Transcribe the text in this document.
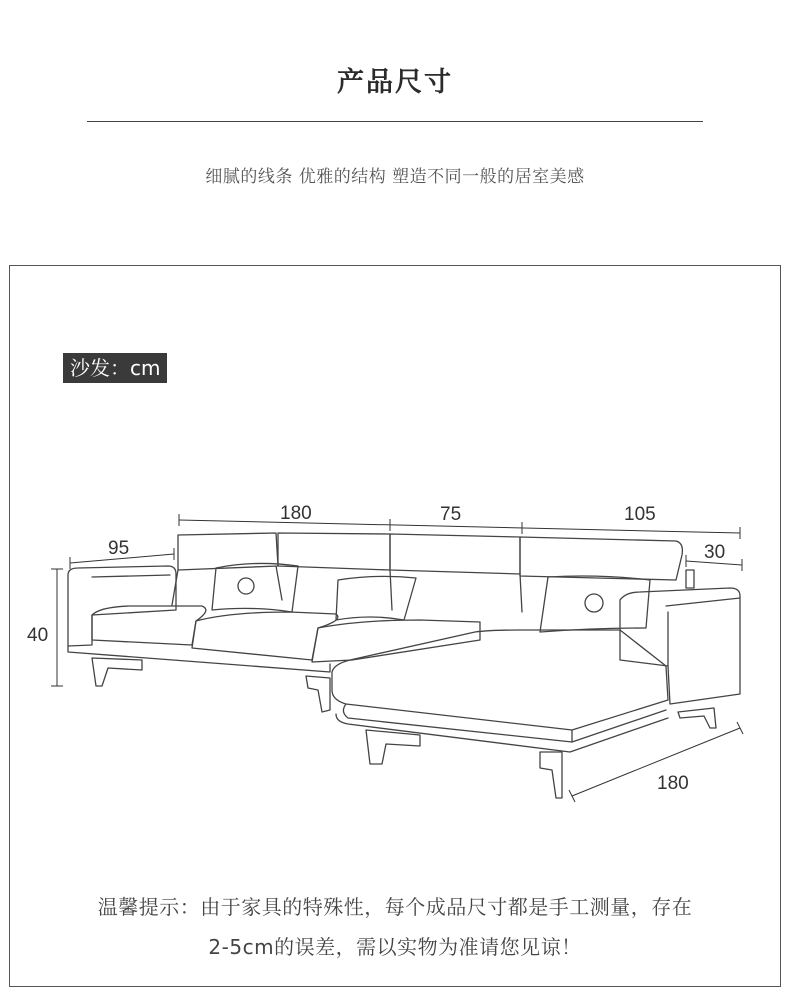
产品尺寸
细腻的线条 优雅的结构 塑造不同一般的居室美感
沙发：cm
180	75	105
95	30
40
180
温馨提示：由于家具的特殊性，每个成品尺寸都是手工测量，存在
2-5cm的误差，需以实物为准请您见谅！
